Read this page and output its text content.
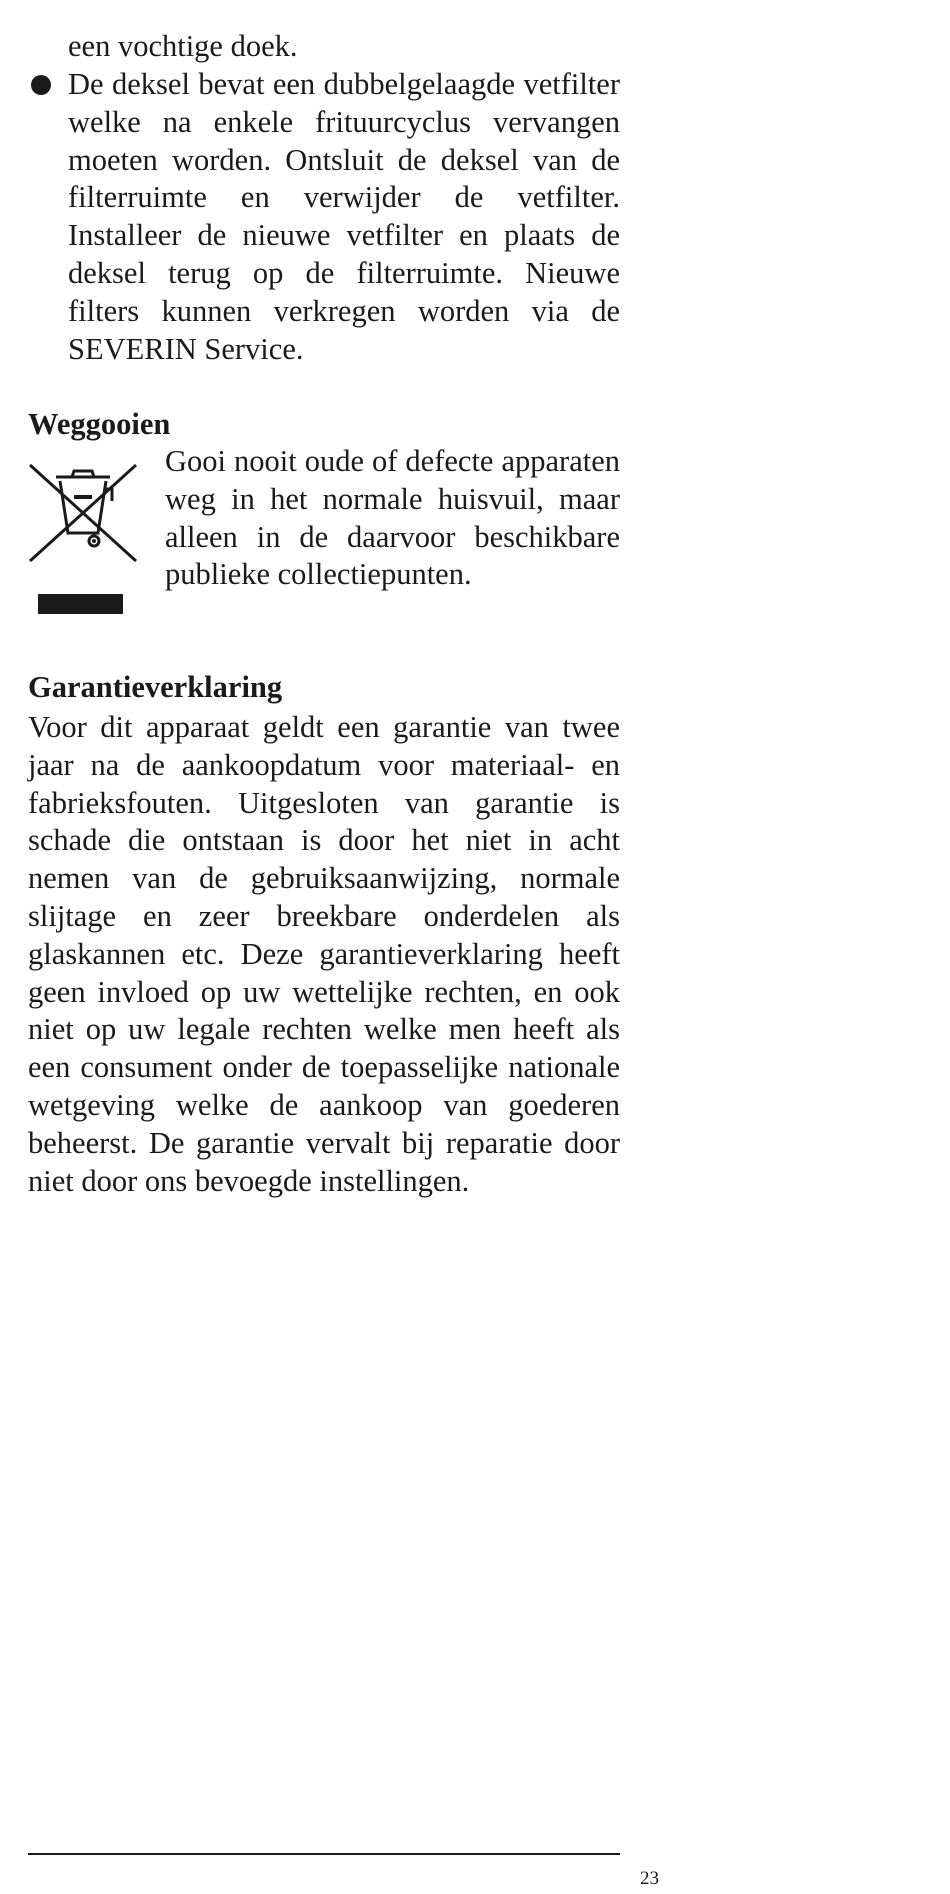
een vochtige doek.

De deksel bevat een dubbelgelaagde vetfilter welke na enkele frituurcyclus vervangen moeten worden. Ontsluit de deksel van de filterruimte en verwijder de vetfilter. Installeer de nieuwe vetfilter en plaats de deksel terug op de filterruimte. Nieuwe filters kunnen verkregen worden via de SEVERIN Service.

Weggooien

Gooi nooit oude of defecte apparaten weg in het normale huisvuil, maar alleen in de daarvoor beschikbare publieke collectiepunten.

Garantieverklaring

Voor dit apparaat geldt een garantie van twee jaar na de aankoopdatum voor materiaal- en fabrieksfouten. Uitgesloten van garantie is schade die ontstaan is door het niet in acht nemen van de gebruiksaanwijzing, normale slijtage en zeer breekbare onderdelen als glaskannen etc. Deze garantieverklaring heeft geen invloed op uw wettelijke rechten, en ook niet op uw legale rechten welke men heeft als een consument onder de toepasselijke nationale wetgeving welke de aankoop van goederen beheerst. De garantie vervalt bij reparatie door niet door ons bevoegde instellingen.

23
